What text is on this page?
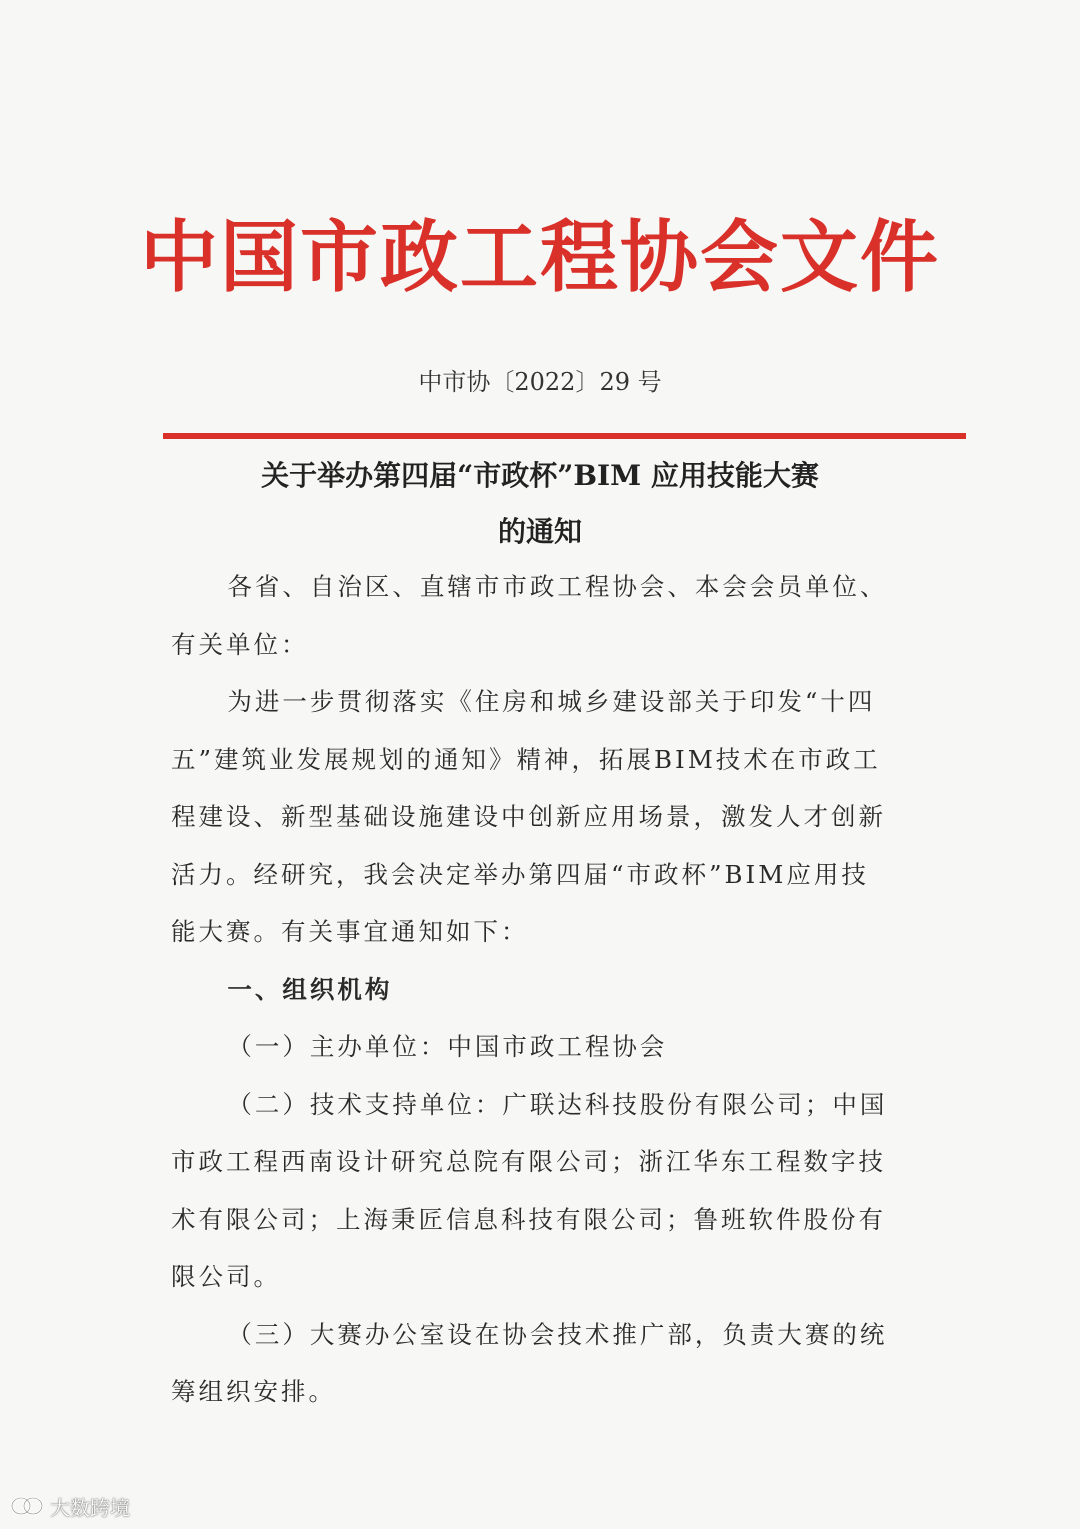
中国市政工程协会文件
中市协〔2022〕29 号
关于举办第四届“市政杯”BIM 应用技能大赛
的通知

各省、自治区、直辖市市政工程协会、本会会员单位、

有关单位：

为进一步贯彻落实《住房和城乡建设部关于印发“十四

五”建筑业发展规划的通知》精神，拓展BIM技术在市政工

程建设、新型基础设施建设中创新应用场景，激发人才创新

活力。经研究，我会决定举办第四届“市政杯”BIM应用技

能大赛。有关事宜通知如下：

一、组织机构

（一）主办单位：中国市政工程协会

（二）技术支持单位：广联达科技股份有限公司；中国

市政工程西南设计研究总院有限公司；浙江华东工程数字技

术有限公司；上海秉匠信息科技有限公司；鲁班软件股份有

限公司。

（三）大赛办公室设在协会技术推广部，负责大赛的统

筹组织安排。

大数跨境
